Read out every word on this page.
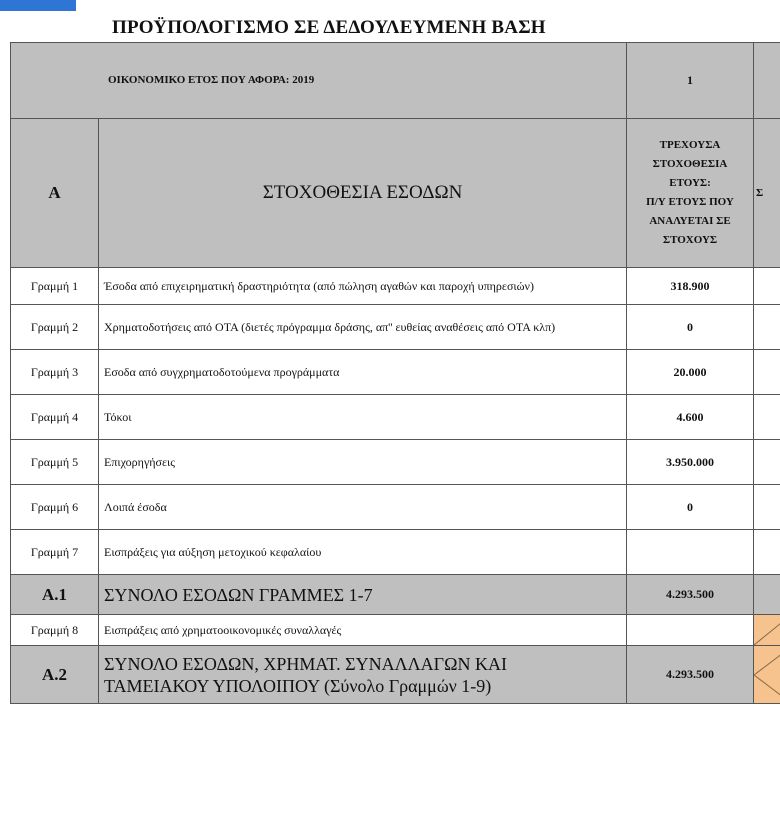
ΠΡΟΫΠΟΛΟΓΙΣΜΟ ΣΕ ΔΕΔΟΥΛΕΥΜΕΝΗ ΒΑΣΗ
ΟΙΚΟΝΟΜΙΚΟ ΕΤΟΣ ΠΟΥ ΑΦΟΡΑ: 2019		1	
Α	ΣΤΟΧΟΘΕΣΙΑ ΕΣΟΔΩΝ	ΤΡΕΧΟΥΣΑ
ΣΤΟΧΟΘΕΣΙΑ ΕΤΟΥΣ:
Π/Υ ΕΤΟΥΣ ΠΟΥ
ΑΝΑΛΥΕΤΑΙ ΣΕ
ΣΤΟΧΟΥΣ	Σ
Γραμμή 1	Έσοδα από επιχειρηματική δραστηριότητα (από πώληση αγαθών και παροχή υπηρεσιών)	318.900	
Γραμμή 2	Χρηματοδοτήσεις από ΟΤΑ (διετές πρόγραμμα δράσης, απ'' ευθείας αναθέσεις από ΟΤΑ κλπ)	0	
Γραμμή 3	Εσοδα από συγχρηματοδοτούμενα προγράμματα	20.000	
Γραμμή 4	Τόκοι	4.600	
Γραμμή 5	Επιχορηγήσεις	3.950.000	
Γραμμή 6	Λοιπά έσοδα	0	
Γραμμή 7	Εισπράξεις για αύξηση μετοχικού κεφαλαίου		
Α.1	ΣΥΝΟΛΟ ΕΣΟΔΩΝ ΓΡΑΜΜΕΣ 1-7	4.293.500	
Γραμμή 8	Εισπράξεις από χρηματοοικονομικές συναλλαγές		

Α.2	ΣΥΝΟΛΟ ΕΣΟΔΩΝ, ΧΡΗΜΑΤ. ΣΥΝΑΛΛΑΓΩΝ ΚΑΙ
ΤΑΜΕΙΑΚΟΥ ΥΠΟΛΟΙΠΟΥ (Σύνολο Γραμμών 1-9)	4.293.500	
